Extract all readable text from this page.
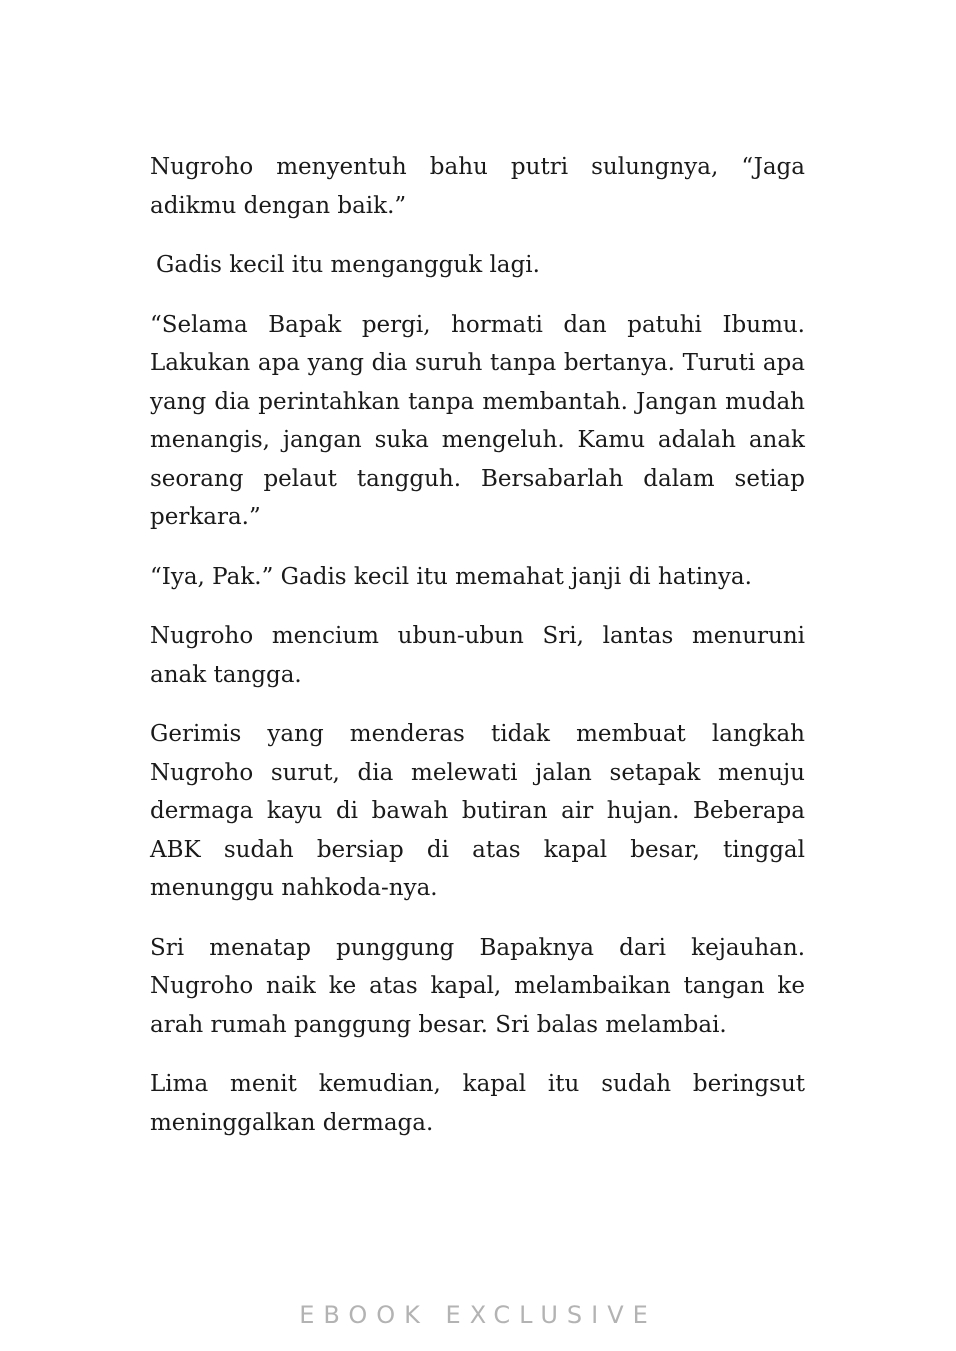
Nugroho menyentuh bahu putri sulungnya, “Jaga adikmu dengan baik.”

Gadis kecil itu mengangguk lagi.

“Selama Bapak pergi, hormati dan patuhi Ibumu. Lakukan apa yang dia suruh tanpa bertanya. Turuti apa yang dia perintahkan tanpa membantah. Jangan mudah menangis, jangan suka mengeluh. Kamu adalah anak seorang pelaut tangguh. Bersabarlah dalam setiap perkara.”

“Iya, Pak.” Gadis kecil itu memahat janji di hatinya.

Nugroho mencium ubun-ubun Sri, lantas menuruni anak tangga.

Gerimis yang menderas tidak membuat langkah Nugroho surut, dia melewati jalan setapak menuju dermaga kayu di bawah butiran air hujan. Beberapa ABK sudah bersiap di atas kapal besar, tinggal menunggu nahkoda-nya.

Sri menatap punggung Bapaknya dari kejauhan. Nugroho naik ke atas kapal, melambaikan tangan ke arah rumah panggung besar. Sri balas melambai.

Lima menit kemudian, kapal itu sudah beringsut meninggalkan dermaga.

EBOOK EXCLUSIVE
